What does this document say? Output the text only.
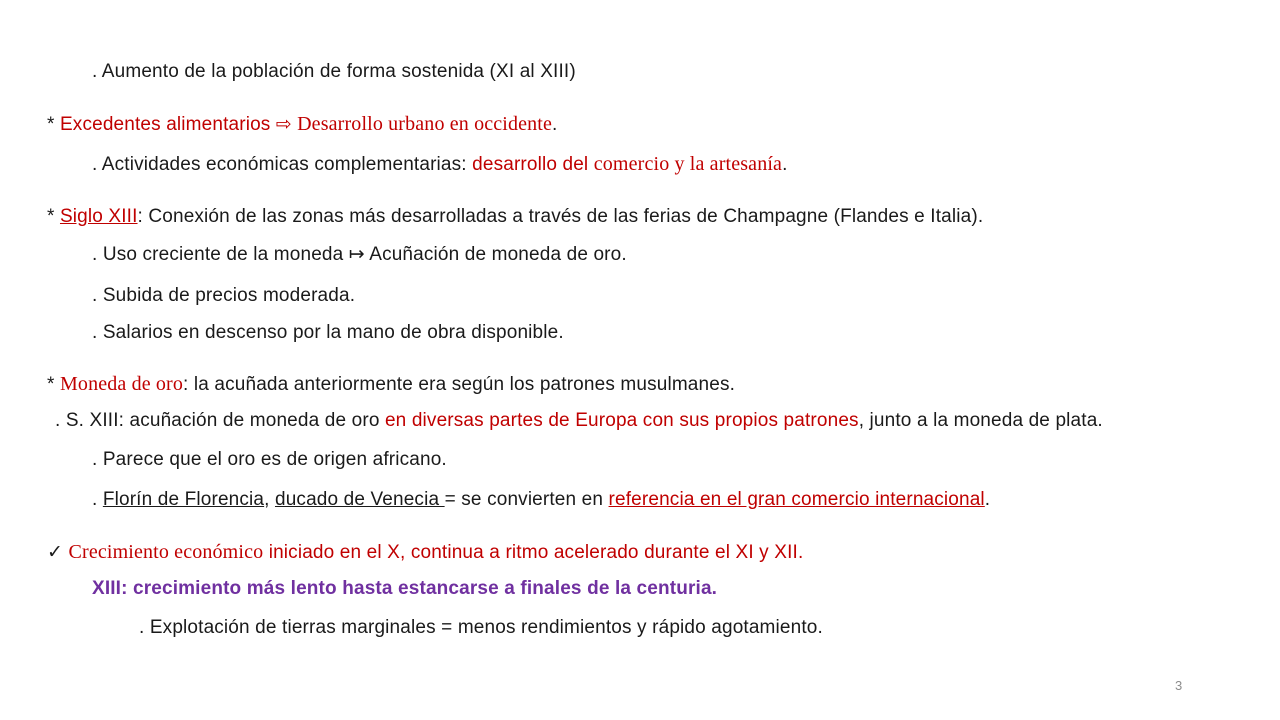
. Aumento de la población de forma sostenida (XI al XIII)
* Excedentes alimentarios ⇨ Desarrollo urbano en occidente.
. Actividades económicas complementarias: desarrollo del comercio y la artesanía.
* Siglo XIII: Conexión de las zonas más desarrolladas a través de las ferias de Champagne (Flandes e Italia).
. Uso creciente de la moneda ↦ Acuñación de moneda de oro.
. Subida de precios moderada.
. Salarios en descenso por la mano de obra disponible.
* Moneda de oro: la acuñada anteriormente era según los patrones musulmanes.
. S. XIII: acuñación de moneda de oro en diversas partes de Europa con sus propios patrones, junto a la moneda de plata.
. Parece que el oro es de origen africano.
. Florín de Florencia, ducado de Venecia = se convierten en referencia en el gran comercio internacional.
✓ Crecimiento económico iniciado en el X, continua a ritmo acelerado durante el XI y XII.
XIII: crecimiento más lento hasta estancarse a finales de la centuria.
. Explotación de tierras marginales = menos rendimientos y rápido agotamiento.
3
